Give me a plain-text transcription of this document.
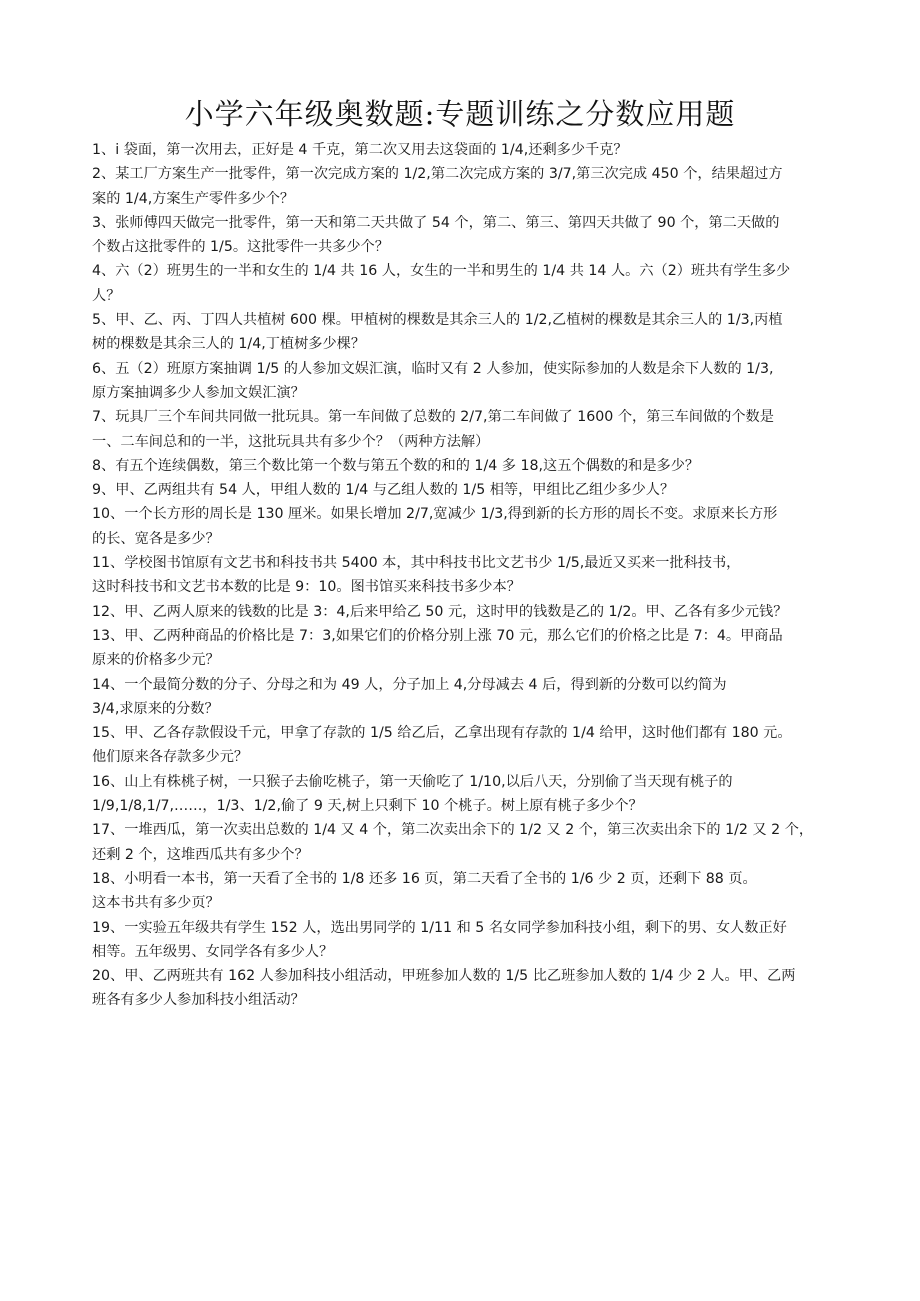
小学六年级奥数题:专题训练之分数应用题
1、i 袋面，第一次用去，正好是 4 千克，第二次又用去这袋面的 1/4,还剩多少千克？
2、某工厂方案生产一批零件，第一次完成方案的 1/2,第二次完成方案的 3/7,第三次完成 450 个，结果超过方
案的 1/4,方案生产零件多少个？
3、张师傅四天做完一批零件，第一天和第二天共做了 54 个，第二、第三、第四天共做了 90 个，第二天做的
个数占这批零件的 1/5。这批零件一共多少个？
4、六（2）班男生的一半和女生的 1/4 共 16 人，女生的一半和男生的 1/4 共 14 人。六（2）班共有学生多少
人？
5、甲、乙、丙、丁四人共植树 600 棵。甲植树的棵数是其余三人的 1/2,乙植树的棵数是其余三人的 1/3,丙植
树的棵数是其余三人的 1/4,丁植树多少棵？
6、五（2）班原方案抽调 1/5 的人参加文娱汇演，临时又有 2 人参加，使实际参加的人数是余下人数的 1/3,
原方案抽调多少人参加文娱汇演？
7、玩具厂三个车间共同做一批玩具。第一车间做了总数的 2/7,第二车间做了 1600 个，第三车间做的个数是
一、二车间总和的一半，这批玩具共有多少个？（两种方法解）
8、有五个连续偶数，第三个数比第一个数与第五个数的和的 1/4 多 18,这五个偶数的和是多少？
9、甲、乙两组共有 54 人，甲组人数的 1/4 与乙组人数的 1/5 相等，甲组比乙组少多少人？
10、一个长方形的周长是 130 厘米。如果长增加 2/7,宽减少 1/3,得到新的长方形的周长不变。求原来长方形
的长、宽各是多少？
11、学校图书馆原有文艺书和科技书共 5400 本，其中科技书比文艺书少 1/5,最近又买来一批科技书，
这时科技书和文艺书本数的比是 9：10。图书馆买来科技书多少本？
12、甲、乙两人原来的钱数的比是 3：4,后来甲给乙 50 元，这时甲的钱数是乙的 1/2。甲、乙各有多少元钱？
13、甲、乙两种商品的价格比是 7：3,如果它们的价格分别上涨 70 元，那么它们的价格之比是 7：4。甲商品
原来的价格多少元？
14、一个最简分数的分子、分母之和为 49 人，分子加上 4,分母减去 4 后，得到新的分数可以约简为
3/4,求原来的分数？
15、甲、乙各存款假设千元，甲拿了存款的 1/5 给乙后，乙拿出现有存款的 1/4 给甲，这时他们都有 180 元。
他们原来各存款多少元？
16、山上有株桃子树，一只猴子去偷吃桃子，第一天偷吃了 1/10,以后八天，分别偷了当天现有桃子的
1/9,1/8,1/7,……，1/3、1/2,偷了 9 天,树上只剩下 10 个桃子。树上原有桃子多少个？
17、一堆西瓜，第一次卖出总数的 1/4 又 4 个，第二次卖出余下的 1/2 又 2 个，第三次卖出余下的 1/2 又 2 个，
还剩 2 个，这堆西瓜共有多少个？
18、小明看一本书，第一天看了全书的 1/8 还多 16 页，第二天看了全书的 1/6 少 2 页，还剩下 88 页。
这本书共有多少页？
19、一实验五年级共有学生 152 人，选出男同学的 1/11 和 5 名女同学参加科技小组，剩下的男、女人数正好
相等。五年级男、女同学各有多少人？
20、甲、乙两班共有 162 人参加科技小组活动，甲班参加人数的 1/5 比乙班参加人数的 1/4 少 2 人。甲、乙两
班各有多少人参加科技小组活动？
